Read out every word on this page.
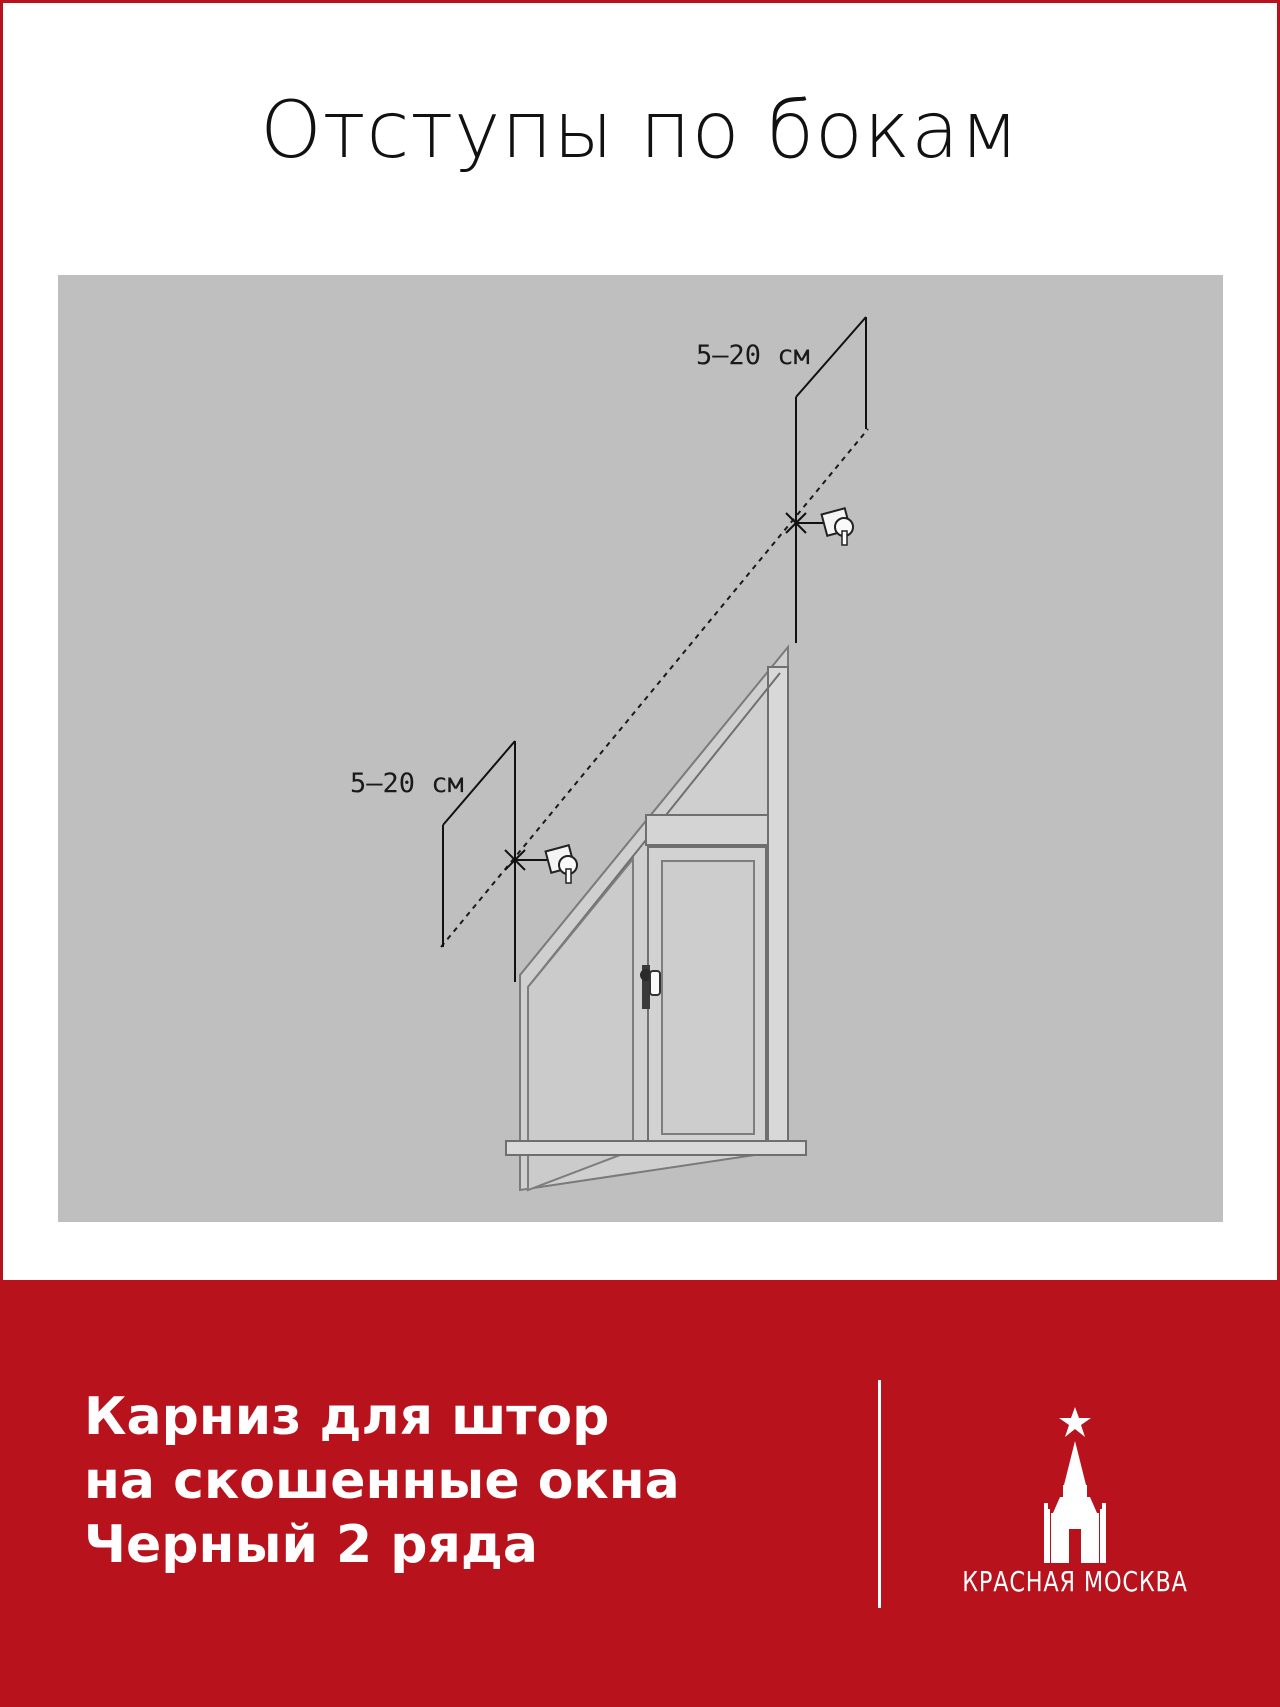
Отступы по бокам
5–20 см
5–20 см
Карниз для штор
на скошенные окна
Черный 2 ряда
КРАСНАЯ МОСКВА
